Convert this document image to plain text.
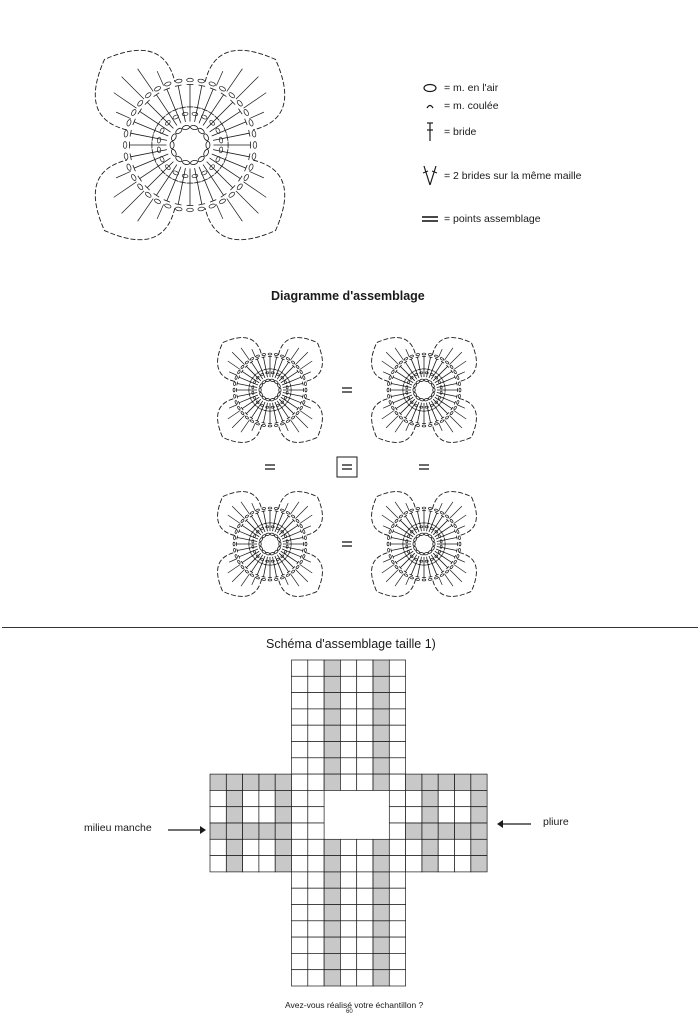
= m. en l'air
= m. coulée
= bride
= 2 brides sur la même maille
= points assemblage
Diagramme d'assemblage
Schéma d'assemblage taille 1)
milieu manche	pliure
Avez-vous réalisé votre échantillon ?
60
